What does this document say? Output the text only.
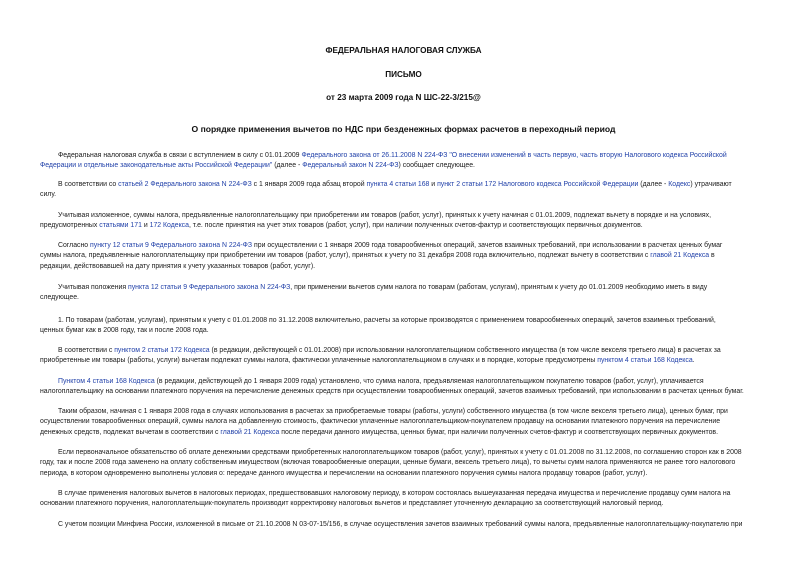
ФЕДЕРАЛЬНАЯ НАЛОГОВАЯ СЛУЖБА
ПИСЬМО
от 23 марта 2009 года N ШС-22-3/215@
О порядке применения вычетов по НДС при безденежных формах расчетов в переходный период
Федеральная налоговая служба в связи с вступлением в силу с 01.01.2009 Федерального закона от 26.11.2008 N 224-ФЗ "О внесении изменений в часть первую, часть вторую Налогового кодекса Российской
Федерации и отдельные законодательные акты Российской Федерации" (далее - Федеральный закон N 224-ФЗ) сообщает следующее.
В соответствии со статьей 2 Федерального закона N 224-ФЗ с 1 января 2009 года абзац второй пункта 4 статьи 168 и пункт 2 статьи 172 Налогового кодекса Российской Федерации (далее - Кодекс) утрачивают
силу.
Учитывая изложенное, суммы налога, предъявленные налогоплательщику при приобретении им товаров (работ, услуг), принятых к учету начиная с 01.01.2009, подлежат вычету в порядке и на условиях,
предусмотренных статьями 171 и 172 Кодекса, т.е. после принятия на учет этих товаров (работ, услуг), при наличии полученных счетов-фактур и соответствующих первичных документов.
Согласно пункту 12 статьи 9 Федерального закона N 224-ФЗ при осуществлении с 1 января 2009 года товарообменных операций, зачетов взаимных требований, при использовании в расчетах ценных бумаг
суммы налога, предъявленные налогоплательщику при приобретении им товаров (работ, услуг), принятых к учету по 31 декабря 2008 года включительно, подлежат вычету в соответствии с главой 21 Кодекса в
редакции, действовавшей на дату принятия к учету указанных товаров (работ, услуг).
Учитывая положения пункта 12 статьи 9 Федерального закона N 224-ФЗ, при применении вычетов сумм налога по товарам (работам, услугам), принятым к учету до 01.01.2009 необходимо иметь в виду
следующее.
1. По товарам (работам, услугам), принятым к учету с 01.01.2008 по 31.12.2008 включительно, расчеты за которые производятся с применением товарообменных операций, зачетов взаимных требований,
ценных бумаг как в 2008 году, так и после 2008 года.
В соответствии с пунктом 2 статьи 172 Кодекса (в редакции, действующей с 01.01.2008) при использовании налогоплательщиком собственного имущества (в том числе векселя третьего лица) в расчетах за
приобретенные им товары (работы, услуги) вычетам подлежат суммы налога, фактически уплаченные налогоплательщиком в случаях и в порядке, которые предусмотрены пунктом 4 статьи 168 Кодекса.
Пунктом 4 статьи 168 Кодекса (в редакции, действующей до 1 января 2009 года) установлено, что сумма налога, предъявляемая налогоплательщиком покупателю товаров (работ, услуг), уплачивается
налогоплательщику на основании платежного поручения на перечисление денежных средств при осуществлении товарообменных операций, зачетов взаимных требований, при использовании в расчетах ценных бумаг.
Таким образом, начиная с 1 января 2008 года в случаях использования в расчетах за приобретаемые товары (работы, услуги) собственного имущества (в том числе векселя третьего лица), ценных бумаг, при
осуществлении товарообменных операций, суммы налога на добавленную стоимость, фактически уплаченные налогоплательщиком-покупателем продавцу на основании платежного поручения на перечисление
денежных средств, подлежат вычетам в соответствии с главой 21 Кодекса после передачи данного имущества, ценных бумаг, при наличии полученных счетов-фактур и соответствующих первичных документов.
Если первоначальное обязательство об оплате денежными средствами приобретенных налогоплательщиком товаров (работ, услуг), принятых к учету с 01.01.2008 по 31.12.2008, по соглашению сторон как в 2008
году, так и после 2008 года заменено на оплату собственным имуществом (включая товарообменные операции, ценные бумаги, вексель третьего лица), то вычеты сумм налога применяются не ранее того налогового
периода, в котором одновременно выполнены условия о: передаче данного имущества и перечислении на основании платежного поручения суммы налога продавцу товаров (работ, услуг).
В случае применения налоговых вычетов в налоговых периодах, предшествовавших налоговому периоду, в котором состоялась вышеуказанная передача имущества и перечисление продавцу сумм налога на
основании платежного поручения, налогоплательщик-покупатель производит корректировку налоговых вычетов и представляет уточненную декларацию за соответствующий налоговый период.
С учетом позиции Минфина России, изложенной в письме от 21.10.2008 N 03-07-15/156, в случае осуществления зачетов взаимных требований суммы налога, предъявленные налогоплательщику-покупателю при
